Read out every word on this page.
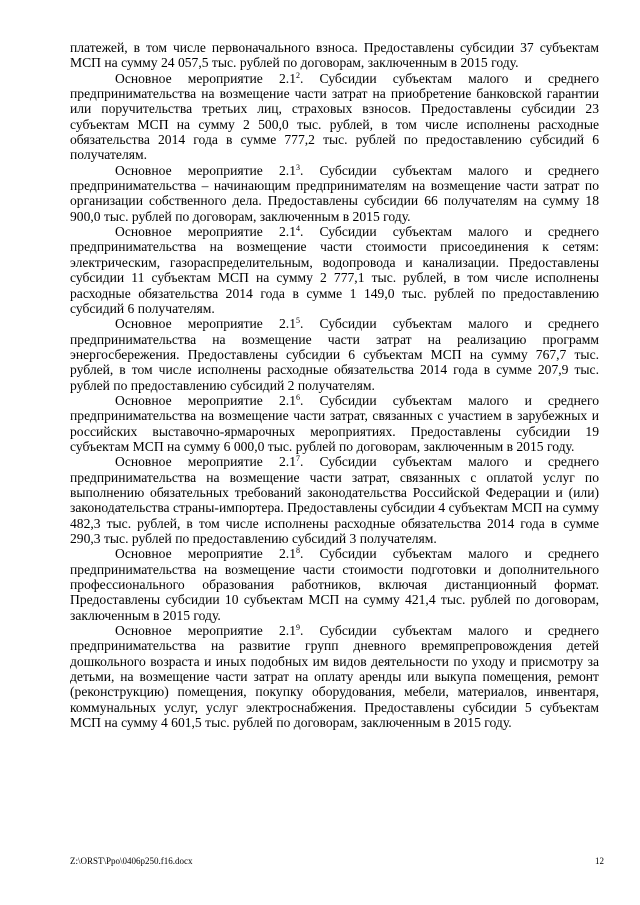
платежей, в том числе первоначального взноса. Предоставлены субсидии 37 субъектам МСП на сумму 24 057,5 тыс. рублей по договорам, заключенным в 2015 году.

Основное мероприятие $2.1^2$. Субсидии субъектам малого и среднего предпринимательства на возмещение части затрат на приобретение банковской гарантии или поручительства третьих лиц, страховых взносов. Предоставлены субсидии 23 субъектам МСП на сумму 2 500,0 тыс. рублей, в том числе исполнены расходные обязательства 2014 года в сумме 777,2 тыс. рублей по предоставлению субсидий 6 получателям.

Основное мероприятие $2.1^3$. Субсидии субъектам малого и среднего предпринимательства – начинающим предпринимателям на возмещение части затрат по организации собственного дела. Предоставлены субсидии 66 получателям на сумму 18 900,0 тыс. рублей по договорам, заключенным в 2015 году.

Основное мероприятие $2.1^4$. Субсидии субъектам малого и среднего предпринимательства на возмещение части стоимости присоединения к сетям: электрическим, газораспределительным, водопровода и канализации. Предоставлены субсидии 11 субъектам МСП на сумму 2 777,1 тыс. рублей, в том числе исполнены расходные обязательства 2014 года в сумме 1 149,0 тыс. рублей по предоставлению субсидий 6 получателям.

Основное мероприятие $2.1^5$. Субсидии субъектам малого и среднего предпринимательства на возмещение части затрат на реализацию программ энергосбережения. Предоставлены субсидии 6 субъектам МСП на сумму 767,7 тыс. рублей, в том числе исполнены расходные обязательства 2014 года в сумме 207,9 тыс. рублей по предоставлению субсидий 2 получателям.

Основное мероприятие $2.1^6$. Субсидии субъектам малого и среднего предпринимательства на возмещение части затрат, связанных с участием в зарубежных и российских выставочно-ярмарочных мероприятиях. Предоставлены субсидии 19 субъектам МСП на сумму 6 000,0 тыс. рублей по договорам, заключенным в 2015 году.

Основное мероприятие $2.1^7$. Субсидии субъектам малого и среднего предпринимательства на возмещение части затрат, связанных с оплатой услуг по выполнению обязательных требований законодательства Российской Федерации и (или) законодательства страны-импортера. Предоставлены субсидии 4 субъектам МСП на сумму 482,3 тыс. рублей, в том числе исполнены расходные обязательства 2014 года в сумме 290,3 тыс. рублей по предоставлению субсидий 3 получателям.

Основное мероприятие $2.1^8$. Субсидии субъектам малого и среднего предпринимательства на возмещение части стоимости подготовки и дополнительного профессионального образования работников, включая дистанционный формат. Предоставлены субсидии 10 субъектам МСП на сумму 421,4 тыс. рублей по договорам, заключенным в 2015 году.

Основное мероприятие $2.1^9$. Субсидии субъектам малого и среднего предпринимательства на развитие групп дневного времяпрепровождения детей дошкольного возраста и иных подобных им видов деятельности по уходу и присмотру за детьми, на возмещение части затрат на оплату аренды или выкупа помещения, ремонт (реконструкцию) помещения, покупку оборудования, мебели, материалов, инвентаря, коммунальных услуг, услуг электроснабжения. Предоставлены субсидии 5 субъектам МСП на сумму 4 601,5 тыс. рублей по договорам, заключенным в 2015 году.

Z:\ORST\Ppo\0406p250.f16.docx	12
